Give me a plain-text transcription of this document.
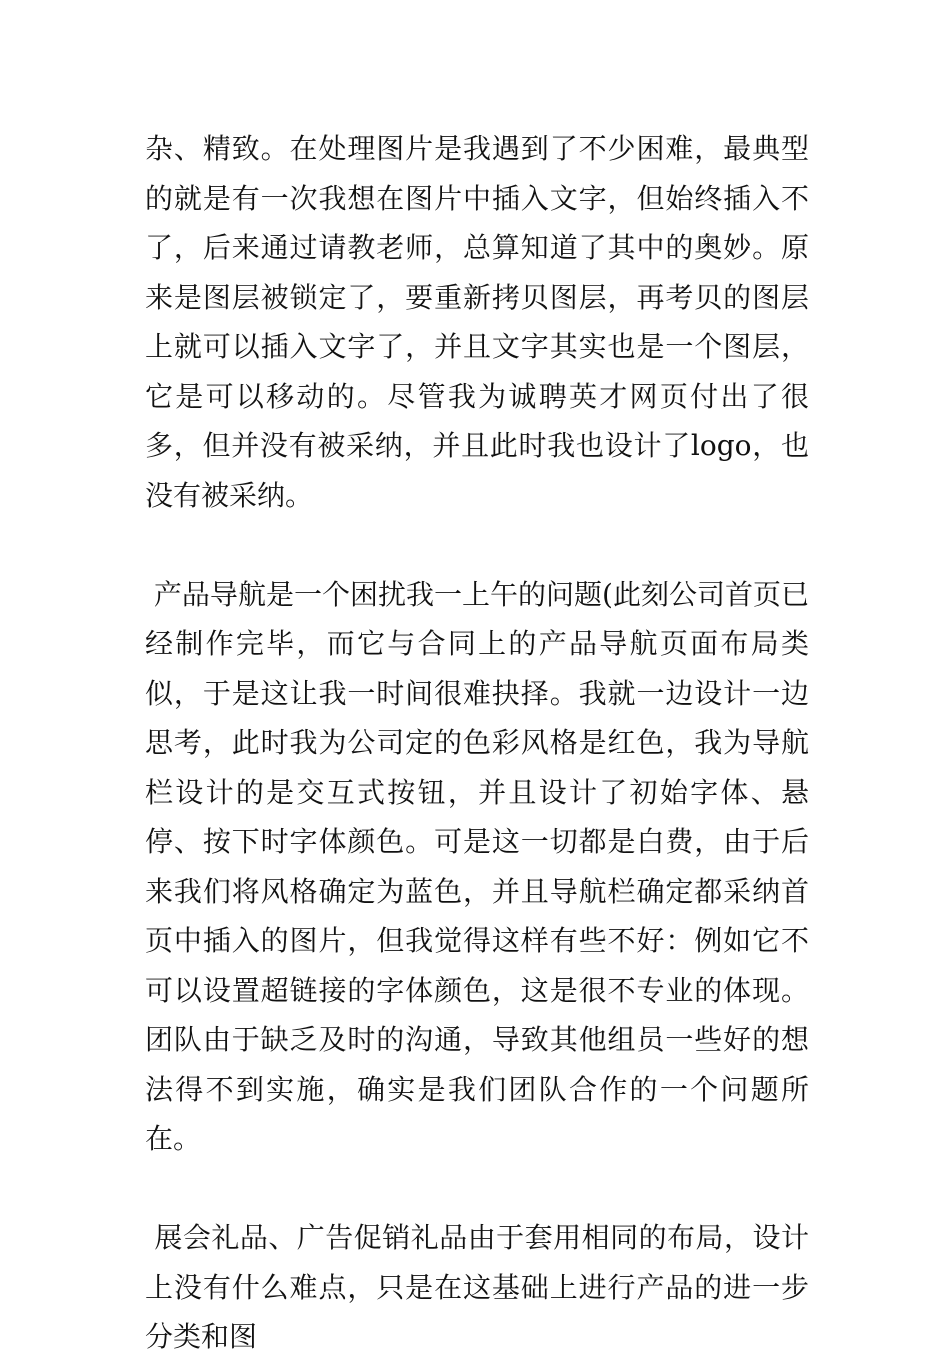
杂、精致。在处理图片是我遇到了不少困难，最典型的就是有一次我想在图片中插入文字，但始终插入不了，后来通过请教老师，总算知道了其中的奥妙。原来是图层被锁定了，要重新拷贝图层，再考贝的图层上就可以插入文字了，并且文字其实也是一个图层，它是可以移动的。尽管我为诚聘英才网页付出了很多，但并没有被采纳，并且此时我也设计了logo，也没有被采纳。

产品导航是一个困扰我一上午的问题(此刻公司首页已经制作完毕，而它与合同上的产品导航页面布局类似，于是这让我一时间很难抉择。我就一边设计一边思考，此时我为公司定的色彩风格是红色，我为导航栏设计的是交互式按钮，并且设计了初始字体、悬停、按下时字体颜色。可是这一切都是白费，由于后来我们将风格确定为蓝色，并且导航栏确定都采纳首页中插入的图片，但我觉得这样有些不好：例如它不可以设置超链接的字体颜色，这是很不专业的体现。团队由于缺乏及时的沟通，导致其他组员一些好的想法得不到实施，确实是我们团队合作的一个问题所在。

展会礼品、广告促销礼品由于套用相同的布局，设计上没有什么难点，只是在这基础上进行产品的进一步分类和图
